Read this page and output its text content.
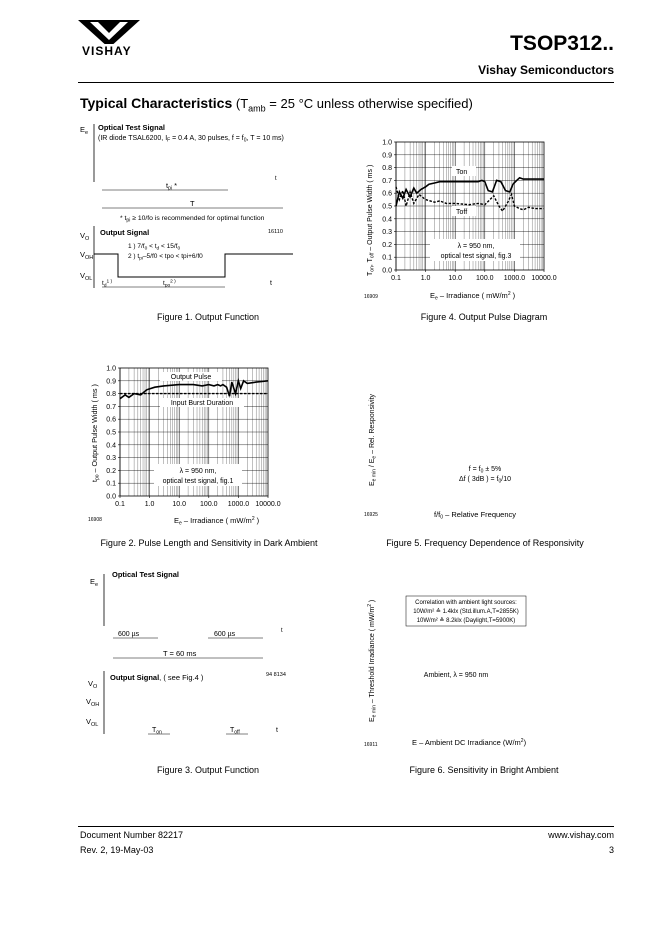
VISHAY	TSOP312..
Vishay Semiconductors
Typical Characteristics ($T_{amb} = 25$ °C unless otherwise specified)
$E_e$
Optical Test Signal
(IR diode TSAL6200, $I_F = 0.4$ A, 30 pulses, $f = f_0$, T = 10 ms)
t
$t_{pi}$ *
T
* $t_{pi} \ge 10/fo$ is recommended for optimal function
16110
$V_O$
Output Signal
1 ) $7/f_0 < t_d < 15/f_0$
2 ) $t_{pi}-5/f0$ < tpo < tpi+6/f0
$V_{OH}$
$V_{OL}$
$t_d^{1 )}$	$t_{po}^{2 )}$	t
Figure 1. Output Function
0.0
0.1
0.2
0.3
0.4
0.5
0.6
0.7
0.8
0.9
1.0
0.1	1.0	10.0 100.0 1000.0 10000.0
Output Pulse
Input Burst Duration
λ = 950 nm,
optical test signal, fig.1
16908	$E_e$ – Irradiance ( $mW/m^2$ )
$t_{po}$ – Output Pulse Width ( ms )
Figure 2. Pulse Length and Sensitivity in Dark Ambient
$E_e$
Optical Test Signal
t
600 µs	600 µs
T = 60 ms
94 8134
$V_O$
Output Signal, ( see Fig.4 )
$V_{OH}$
$V_{OL}$
$T_{on}$	$T_{off}$	t
Figure 3. Output Function
0.0
0.1
0.2
0.3
0.4
0.5
0.6
0.7
0.8
0.9
1.0
0.1	1.0	10.0 100.0 1000.0 10000.0
Ton
Toff
λ = 950 nm,
optical test signal, fig.3
16909	$E_e$ – Irradiance ( $mW/m^2$ )
$T_{on}$, $T_{off}$ – Output Pulse Width ( ms )
Figure 4. Output Pulse Diagram
$f = f_0 \pm 5\%$
Δf ( 3dB ) = $f_0/10$
16925	$f/f_0$ – Relative Frequency
$E_{e min} / E_e$ – Rel. Responsivity
Figure 5. Frequency Dependence of Responsivity
Correlation with ambient light sources:
10W/m² ≙ 1.4klx (Std.illum.A,T=2855K)
10W/m² ≙ 8.2klx (Daylight,T=5900K)
Ambient, λ = 950 nm
16911	E – Ambient DC Irradiance $(W/m^2)$
$E_{e min}$ – Threshold Irradiance ( $mW/m^2$ )
Figure 6. Sensitivity in Bright Ambient
Document Number 82217
Rev. 2, 19-May-03
www.vishay.com
3
